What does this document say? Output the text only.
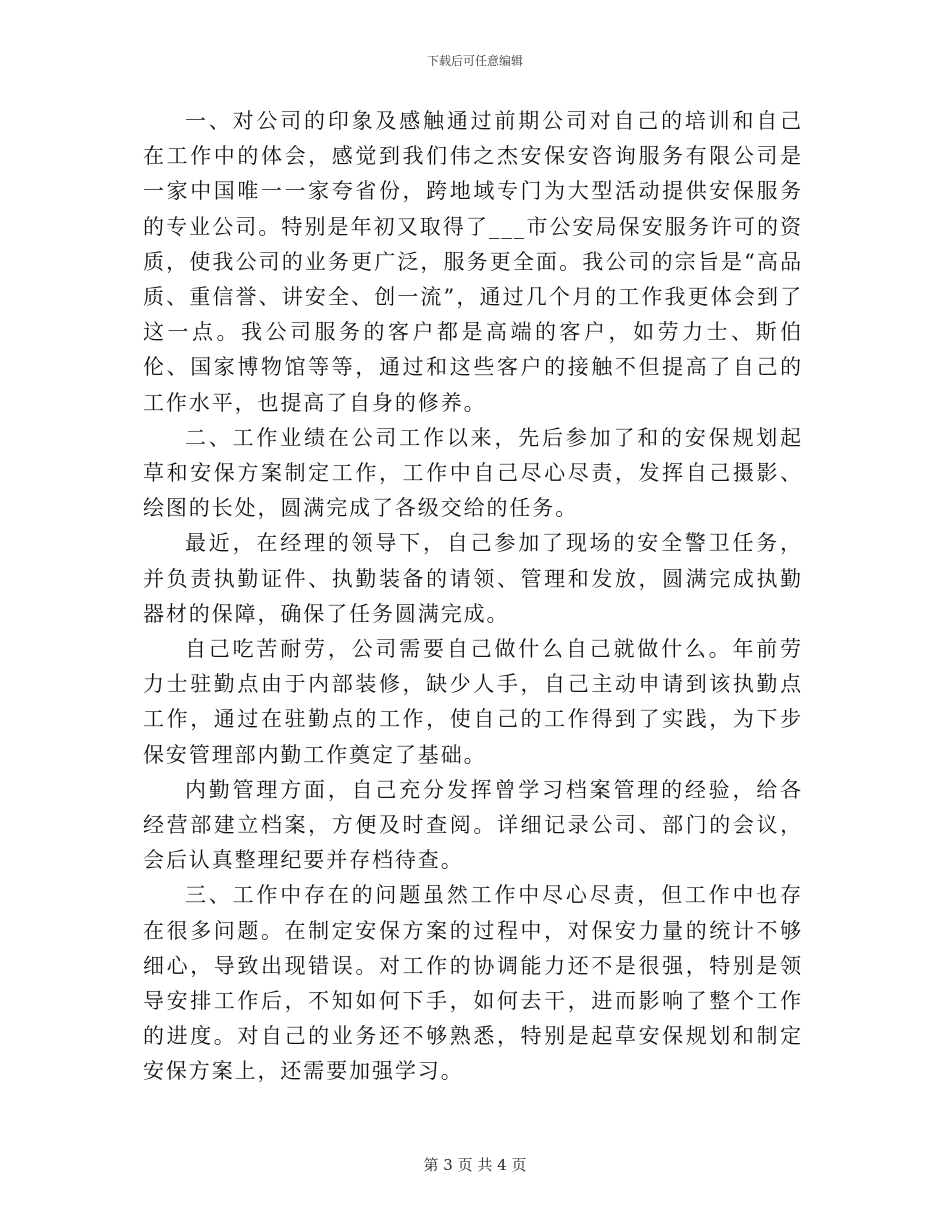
下载后可任意编辑

一、对公司的印象及感触通过前期公司对自己的培训和自己在工作中的体会，感觉到我们伟之杰安保安咨询服务有限公司是一家中国唯一一家夸省份，跨地域专门为大型活动提供安保服务的专业公司。特别是年初又取得了___市公安局保安服务许可的资质，使我公司的业务更广泛，服务更全面。我公司的宗旨是“高品质、重信誉、讲安全、创一流”，通过几个月的工作我更体会到了这一点。我公司服务的客户都是高端的客户，如劳力士、斯伯伦、国家博物馆等等，通过和这些客户的接触不但提高了自己的工作水平，也提高了自身的修养。

二、工作业绩在公司工作以来，先后参加了和的安保规划起草和安保方案制定工作，工作中自己尽心尽责，发挥自己摄影、绘图的长处，圆满完成了各级交给的任务。

最近，在经理的领导下，自己参加了现场的安全警卫任务，并负责执勤证件、执勤装备的请领、管理和发放，圆满完成执勤器材的保障，确保了任务圆满完成。

自己吃苦耐劳，公司需要自己做什么自己就做什么。年前劳力士驻勤点由于内部装修，缺少人手，自己主动申请到该执勤点工作，通过在驻勤点的工作，使自己的工作得到了实践，为下步保安管理部内勤工作奠定了基础。

内勤管理方面，自己充分发挥曾学习档案管理的经验，给各经营部建立档案，方便及时查阅。详细记录公司、部门的会议，会后认真整理纪要并存档待查。

三、工作中存在的问题虽然工作中尽心尽责，但工作中也存在很多问题。在制定安保方案的过程中，对保安力量的统计不够细心，导致出现错误。对工作的协调能力还不是很强，特别是领导安排工作后，不知如何下手，如何去干，进而影响了整个工作的进度。对自己的业务还不够熟悉，特别是起草安保规划和制定安保方案上，还需要加强学习。

第 3 页 共 4 页
